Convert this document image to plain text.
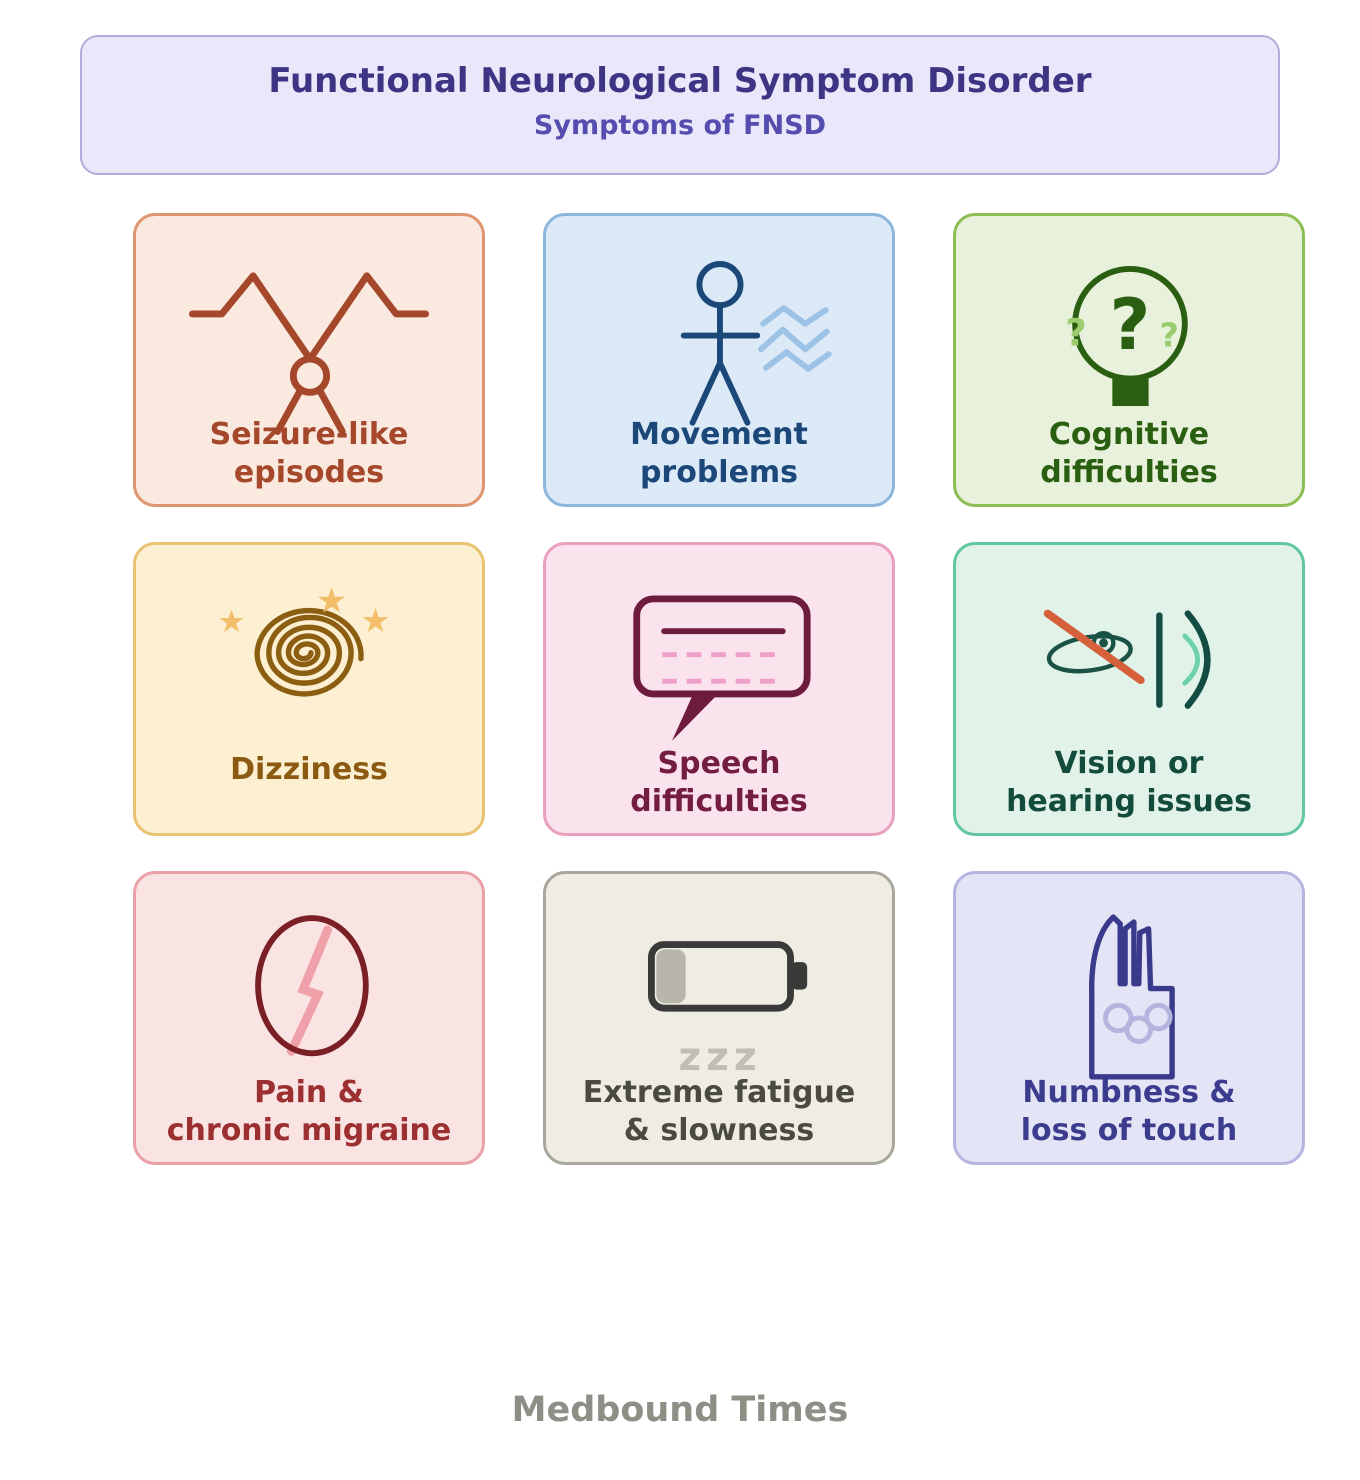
Functional Neurological Symptom Disorder
Symptoms of FNSD
Seizure-like
episodes
Movement
problems
?
? ?
Cognitive
difficulties
★
★ ★
Dizziness	Speech
difficulties
Vision or
hearing issues
Pain &
chronic migraine
zzz
Extreme fatigue
& slowness
Numbness &
loss of touch
Medbound Times
